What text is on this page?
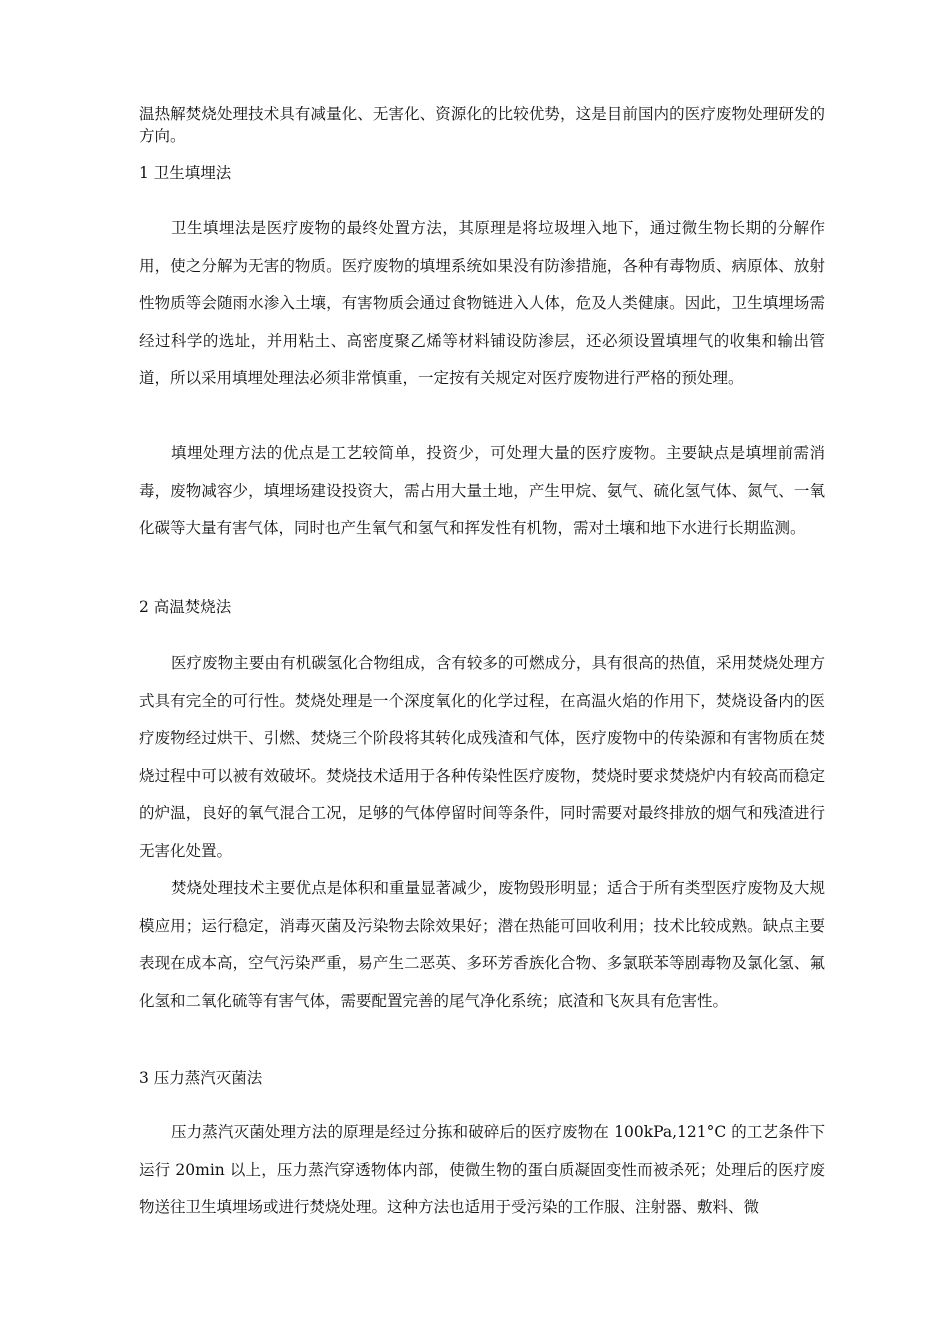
温热解焚烧处理技术具有减量化、无害化、资源化的比较优势，这是目前国内的医疗废物处理研发的方向。

1 卫生填埋法

卫生填埋法是医疗废物的最终处置方法，其原理是将垃圾埋入地下，通过微生物长期的分解作用，使之分解为无害的物质。医疗废物的填埋系统如果没有防渗措施，各种有毒物质、病原体、放射性物质等会随雨水渗入土壤，有害物质会通过食物链进入人体，危及人类健康。因此，卫生填埋场需经过科学的选址，并用粘土、高密度聚乙烯等材料铺设防渗层，还必须设置填埋气的收集和输出管道，所以采用填埋处理法必须非常慎重，一定按有关规定对医疗废物进行严格的预处理。

填埋处理方法的优点是工艺较简单，投资少，可处理大量的医疗废物。主要缺点是填埋前需消毒，废物减容少，填埋场建设投资大，需占用大量土地，产生甲烷、氨气、硫化氢气体、氮气、一氧化碳等大量有害气体，同时也产生氧气和氢气和挥发性有机物，需对土壤和地下水进行长期监测。

2 高温焚烧法

医疗废物主要由有机碳氢化合物组成，含有较多的可燃成分，具有很高的热值，采用焚烧处理方式具有完全的可行性。焚烧处理是一个深度氧化的化学过程，在高温火焰的作用下，焚烧设备内的医疗废物经过烘干、引燃、焚烧三个阶段将其转化成残渣和气体，医疗废物中的传染源和有害物质在焚烧过程中可以被有效破坏。焚烧技术适用于各种传染性医疗废物，焚烧时要求焚烧炉内有较高而稳定的炉温，良好的氧气混合工况，足够的气体停留时间等条件，同时需要对最终排放的烟气和残渣进行无害化处置。

焚烧处理技术主要优点是体积和重量显著减少，废物毁形明显；适合于所有类型医疗废物及大规模应用；运行稳定，消毒灭菌及污染物去除效果好；潜在热能可回收利用；技术比较成熟。缺点主要表现在成本高，空气污染严重，易产生二恶英、多环芳香族化合物、多氯联苯等剧毒物及氯化氢、氟化氢和二氧化硫等有害气体，需要配置完善的尾气净化系统；底渣和飞灰具有危害性。

3 压力蒸汽灭菌法

压力蒸汽灭菌处理方法的原理是经过分拣和破碎后的医疗废物在 100kPa,121°C 的工艺条件下运行 20min 以上，压力蒸汽穿透物体内部，使微生物的蛋白质凝固变性而被杀死；处理后的医疗废物送往卫生填埋场或进行焚烧处理。这种方法也适用于受污染的工作服、注射器、敷料、微
